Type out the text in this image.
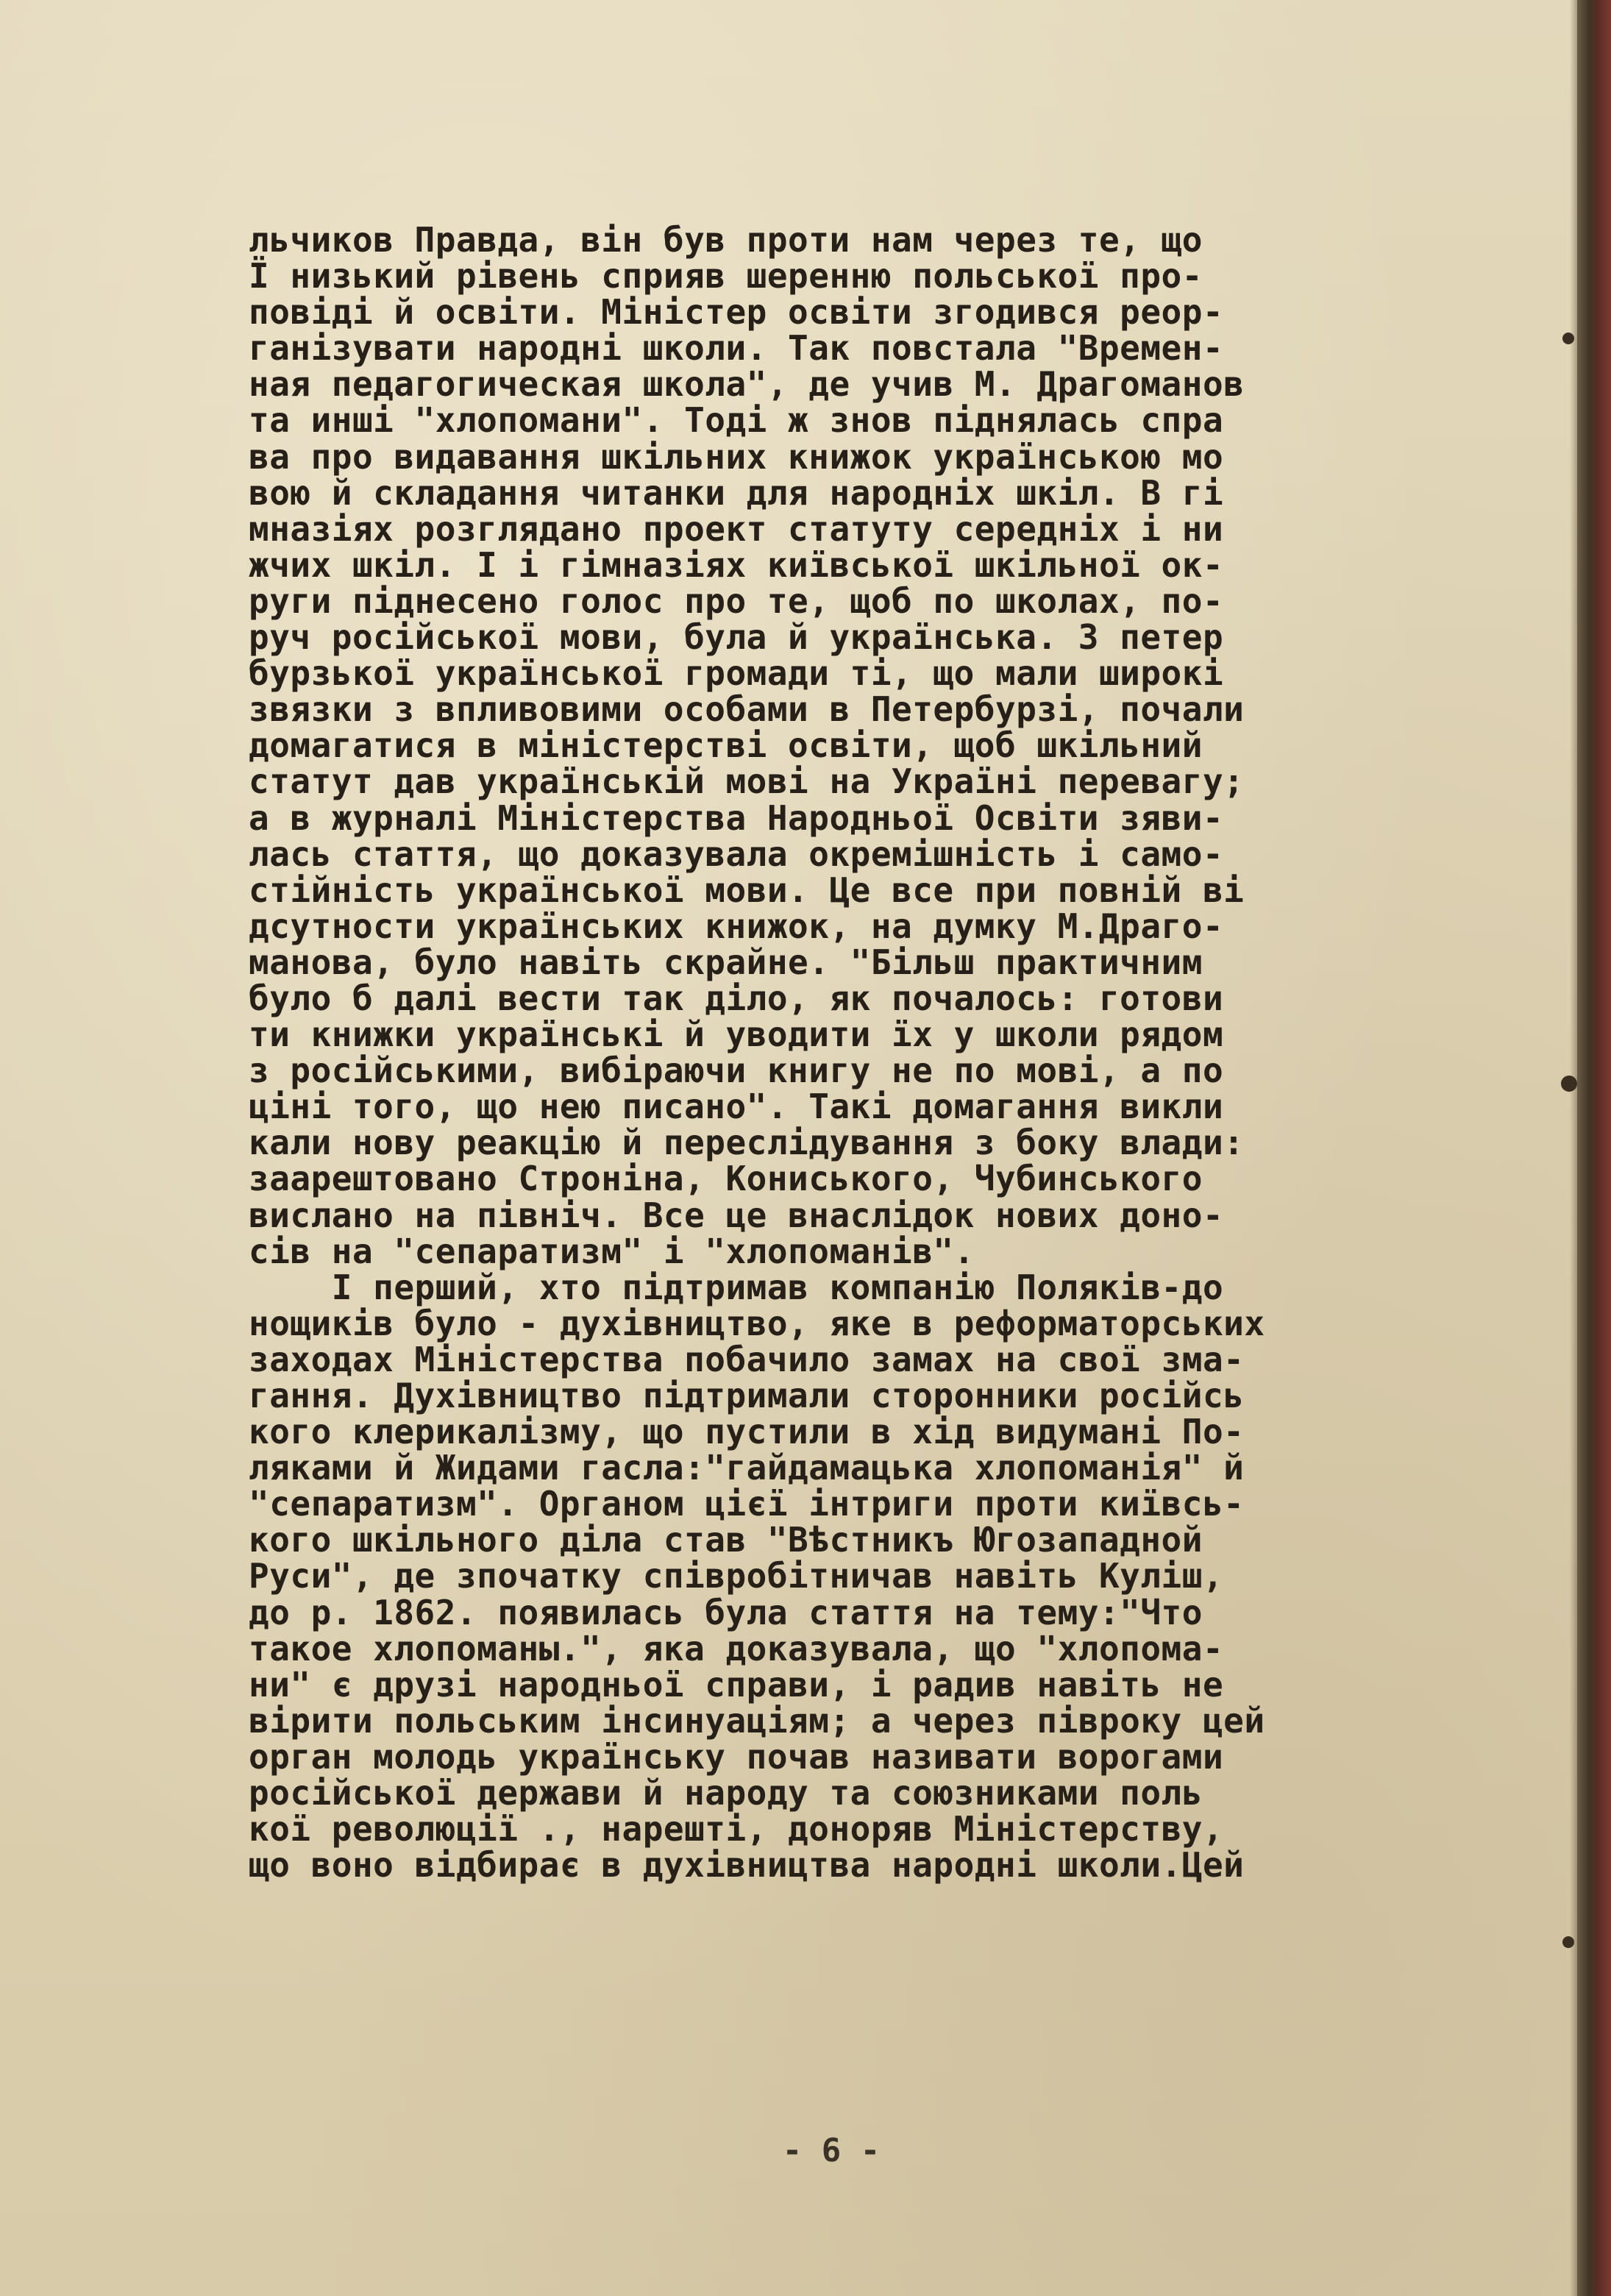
льчиков Правда, він був проти нам через те, що
Ї низький рівень сприяв шеренню польської про-
повіді й освіти. Міністер освіти згодився реор-
ганізувати народні школи. Так повстала "Времен-
ная педагогическая школа", де учив М. Драгоманов
та инші "хлопомани". Тоді ж знов піднялась спра
ва про видавання шкільних книжок українською мо
вою й складання читанки для народніх шкіл. В гі
мназіях розглядано проект статуту середніх і ни
жчих шкіл. І і гімназіях київської шкільної ок-
руги піднесено голос про те, щоб по школах, по-
руч російської мови, була й українська. З петер
бурзької української громади ті, що мали широкі
звязки з впливовими особами в Петербурзі, почали
домагатися в міністерстві освіти, щоб шкільний
статут дав українській мові на Україні перевагу;
а в журналі Міністерства Народньої Освіти зяви-
лась стаття, що доказувала окремішність і само-
стійність української мови. Це все при повній ві
дсутности українських книжок, на думку М.Драго-
манова, було навіть скрайне. "Більш практичним
було б далі вести так діло, як почалось: готови
ти книжки українські й уводити їх у школи рядом
з російськими, вибіраючи книгу не по мові, а по
ціні того, що нею писано". Такі домагання викли
кали нову реакцію й переслідування з боку влади:
заарештовано Строніна, Кониського, Чубинського
вислано на північ. Все це внаслідок нових доно-
сів на "сепаратизм" і "хлопоманів".
І перший, хто підтримав компанію Поляків-до
нощиків було - духівництво, яке в реформаторських
заходах Міністерства побачило замах на свої зма-
гання. Духівництво підтримали сторонники російсь
кого клерикалізму, що пустили в хід видумані По-
ляками й Жидами гасла:"гайдамацька хлопоманія" й
"сепаратизм". Органом цієї інтриги проти київсь-
кого шкільного діла став "Вѣстникъ Югозападной
Руси", де зпочатку співробітничав навіть Куліш,
до р. 1862. появилась була стаття на тему:"Что
такое хлопоманы.", яка доказувала, що "хлопома-
ни" є друзі народньої справи, і радив навіть не
вірити польським інсинуаціям; а через півроку цей
орган молодь українську почав називати ворогами
російської держави й народу та союзниками поль
кої революції ., нарешті, доноряв Міністерству,
що воно відбирає в духівництва народні школи.Цей
- 6 -
